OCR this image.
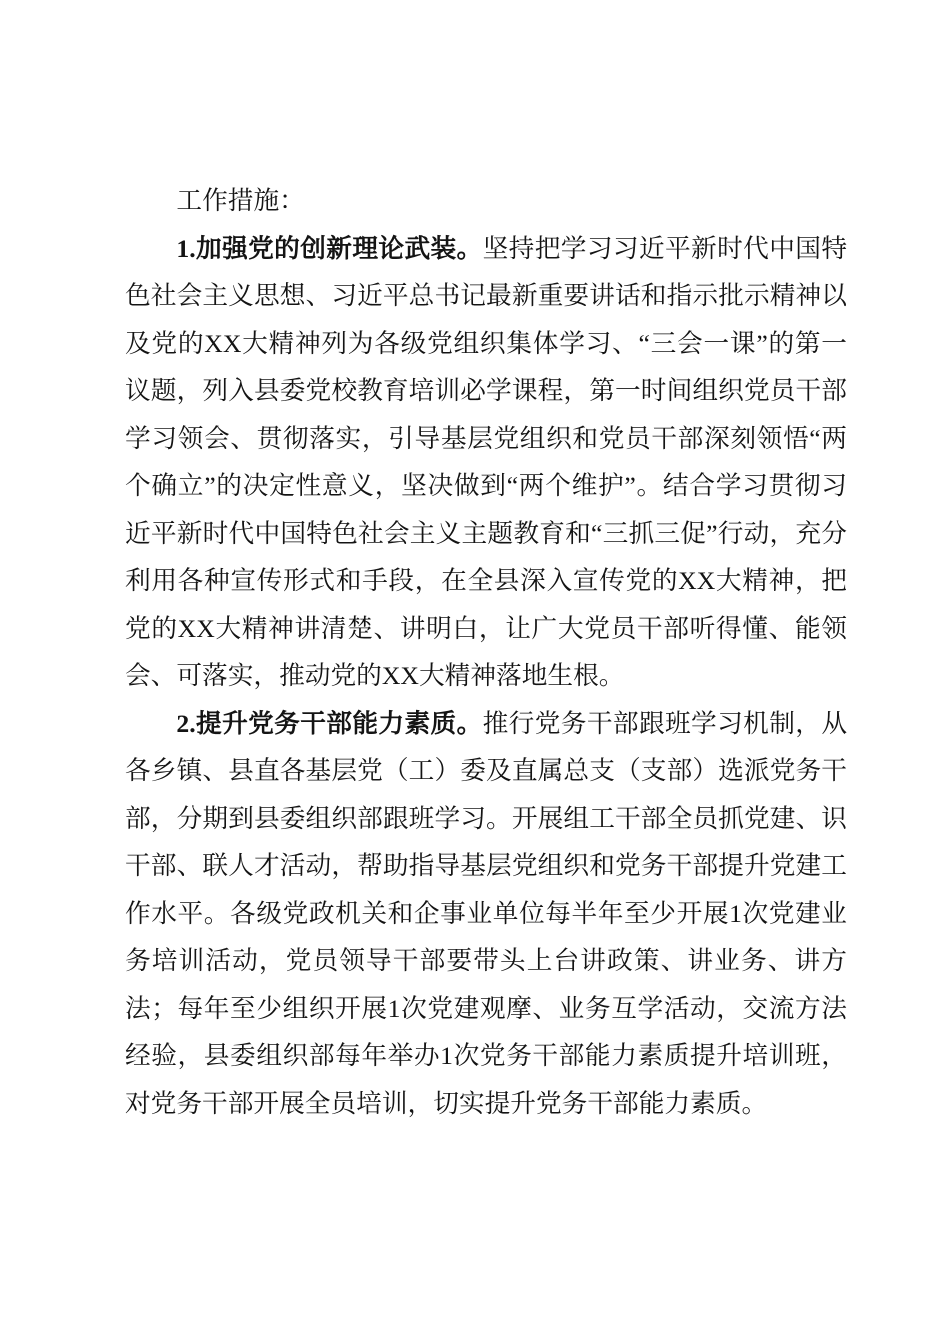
工作措施：

1.加强党的创新理论武装。坚持把学习习近平新时代中国特色社会主义思想、习近平总书记最新重要讲话和指示批示精神以及党的XX大精神列为各级党组织集体学习、“三会一课”的第一议题，列入县委党校教育培训必学课程，第一时间组织党员干部学习领会、贯彻落实，引导基层党组织和党员干部深刻领悟“两个确立”的决定性意义，坚决做到“两个维护”。结合学习贯彻习近平新时代中国特色社会主义主题教育和“三抓三促”行动，充分利用各种宣传形式和手段，在全县深入宣传党的XX大精神，把党的XX大精神讲清楚、讲明白，让广大党员干部听得懂、能领会、可落实，推动党的XX大精神落地生根。

2.提升党务干部能力素质。推行党务干部跟班学习机制，从各乡镇、县直各基层党（工）委及直属总支（支部）选派党务干部，分期到县委组织部跟班学习。开展组工干部全员抓党建、识干部、联人才活动，帮助指导基层党组织和党务干部提升党建工作水平。各级党政机关和企事业单位每半年至少开展1次党建业务培训活动，党员领导干部要带头上台讲政策、讲业务、讲方法；每年至少组织开展1次党建观摩、业务互学活动，交流方法经验，县委组织部每年举办1次党务干部能力素质提升培训班，对党务干部开展全员培训，切实提升党务干部能力素质。
